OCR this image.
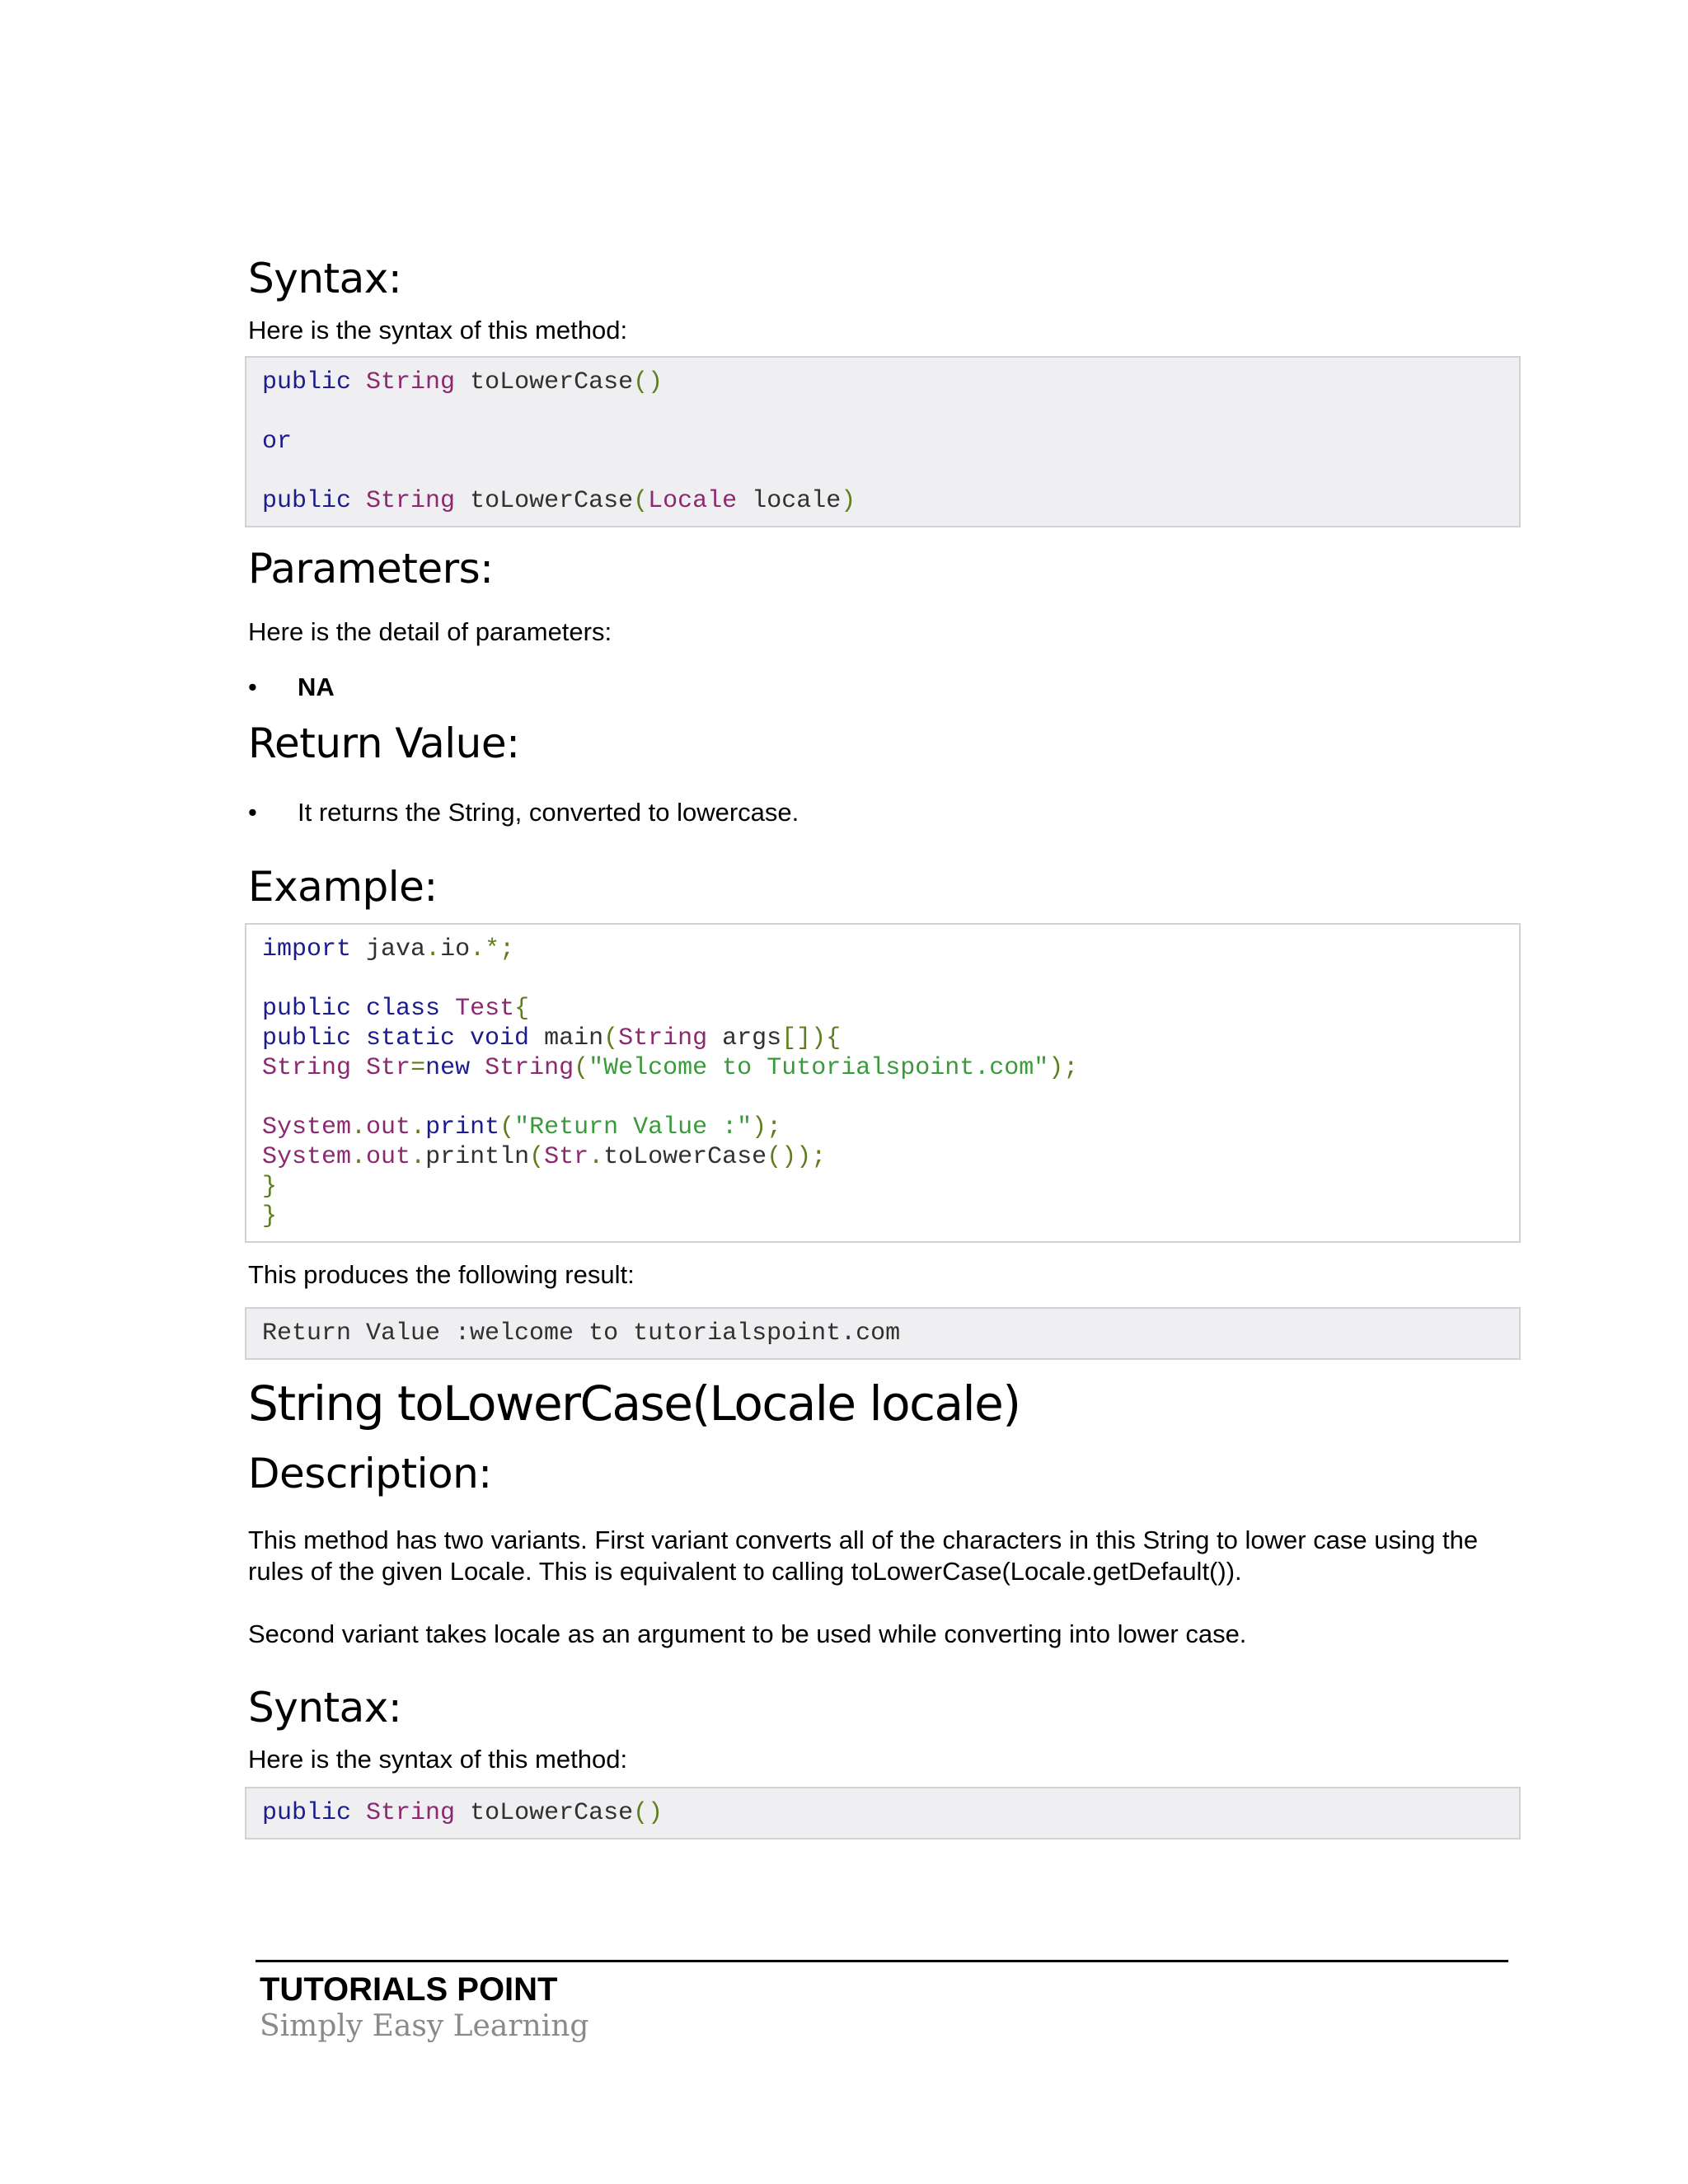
Syntax:

Here is the syntax of this method:

public String toLowerCase()
or
public String toLowerCase(Locale locale)
Parameters:

Here is the detail of parameters:

• NA
Return Value:
• It returns the String, converted to lowercase.
Example:
import java.io.*;
public class Test{
public static void main(String args[]){
String Str=new String("Welcome to Tutorialspoint.com");
System.out.print("Return Value :");
System.out.println(Str.toLowerCase());
}
}

This produces the following result:

Return Value :welcome to tutorialspoint.com
String toLowerCase(Locale locale)
Description:

This method has two variants. First variant converts all of the characters in this String to lower case using the rules of the given Locale. This is equivalent to calling toLowerCase(Locale.getDefault()).

Second variant takes locale as an argument to be used while converting into lower case.

Syntax:

Here is the syntax of this method:

public String toLowerCase()
TUTORIALS POINT
Simply Easy Learning
